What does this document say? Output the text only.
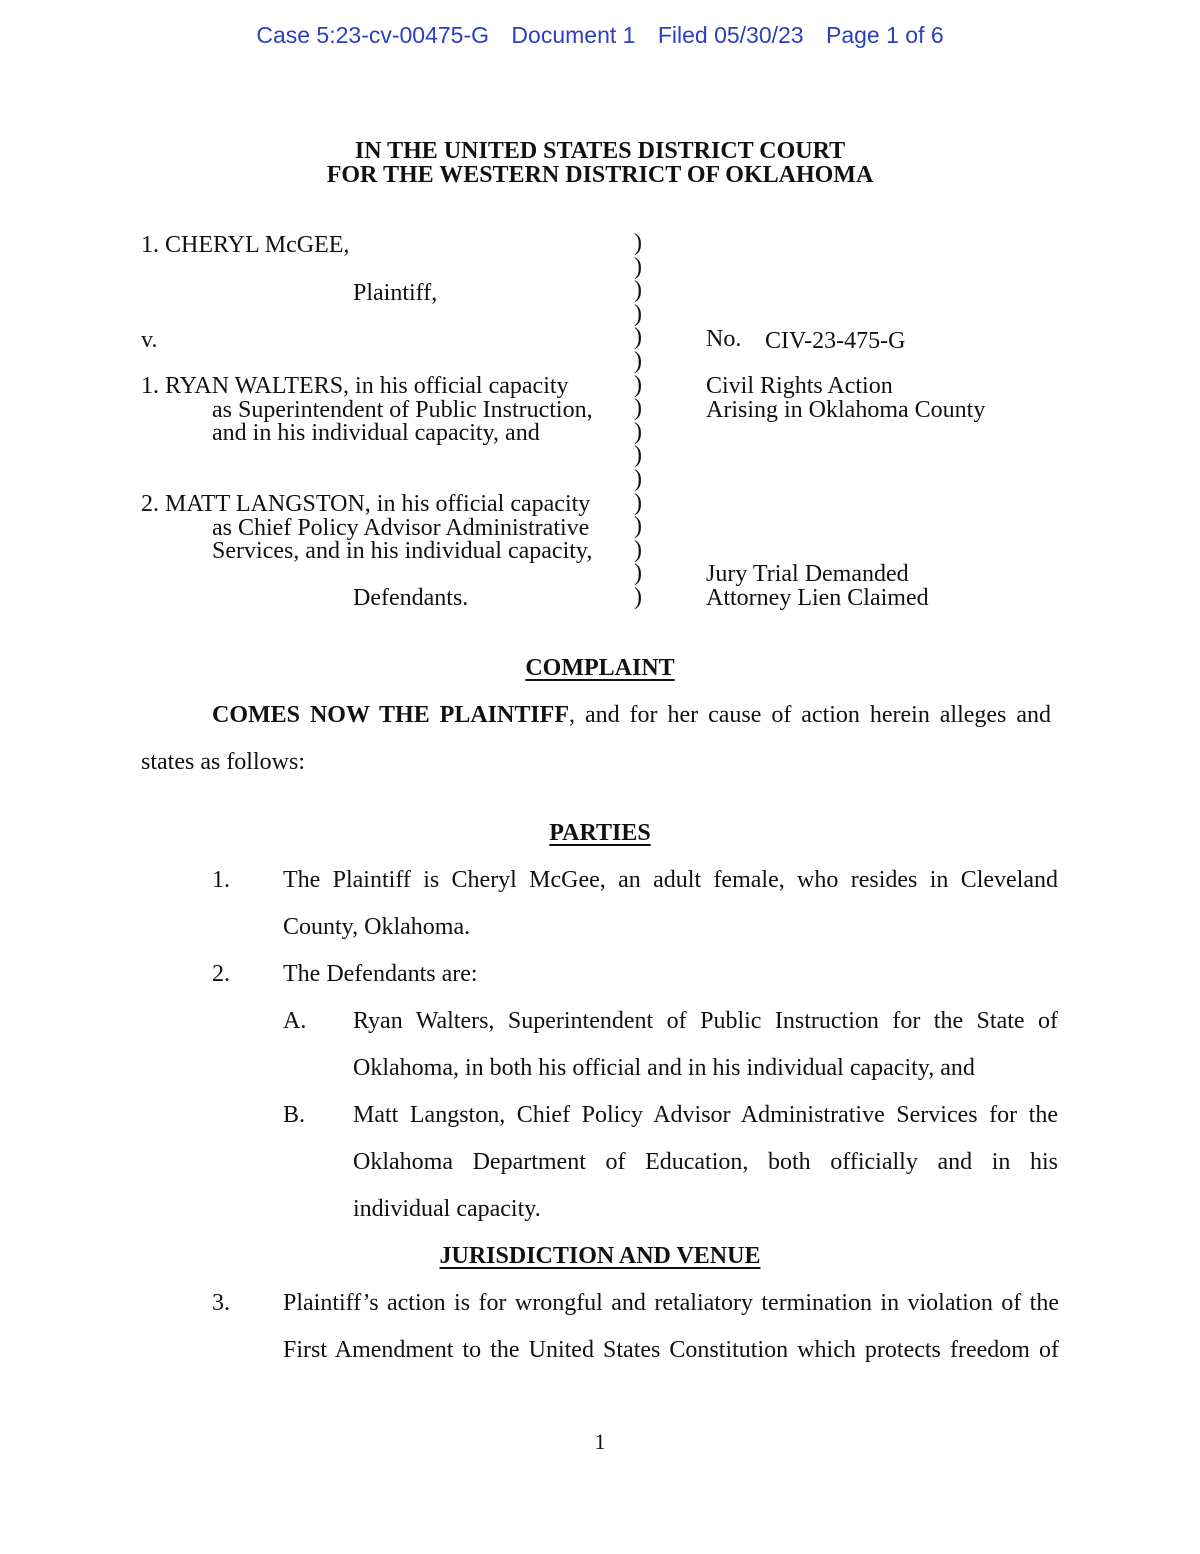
Case 5:23-cv-00475-G Document 1 Filed 05/30/23 Page 1 of 6
IN THE UNITED STATES DISTRICT COURT
FOR THE WESTERN DISTRICT OF OKLAHOMA
1. CHERYL McGEE,
Plaintiff,
v.
1. RYAN WALTERS, in his official capacity
as Superintendent of Public Instruction,
and in his individual capacity, and
2. MATT LANGSTON, in his official capacity
as Chief Policy Advisor Administrative
Services, and in his individual capacity,
Defendants.
)
)
)
)
)
)
)
)
)
)
)
)
)
)
)
)
No. CIV-23-475-G
Civil Rights Action
Arising in Oklahoma County
Jury Trial Demanded
Attorney Lien Claimed
COMPLAINT
COMES NOW THE PLAINTIFF, and for her cause of action herein alleges and
states as follows:
PARTIES
1. The Plaintiff is Cheryl McGee, an adult female, who resides in Cleveland
County, Oklahoma.
2. The Defendants are:
A. Ryan Walters, Superintendent of Public Instruction for the State of
Oklahoma, in both his official and in his individual capacity, and
B. Matt Langston, Chief Policy Advisor Administrative Services for the
Oklahoma Department of Education, both officially and in his
individual capacity.
JURISDICTION AND VENUE
3. Plaintiff’s action is for wrongful and retaliatory termination in violation of the
First Amendment to the United States Constitution which protects freedom of
1
